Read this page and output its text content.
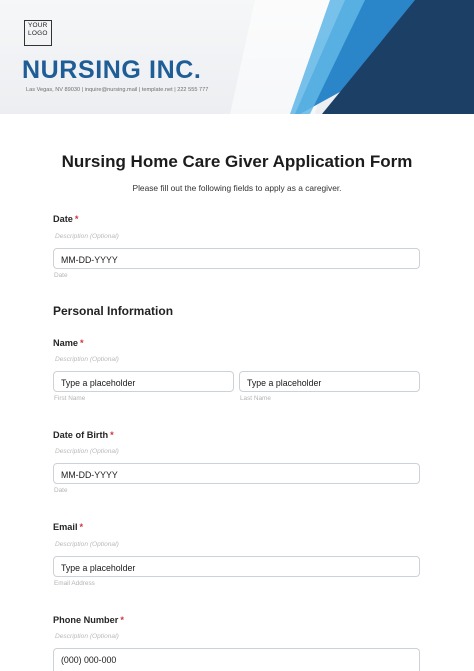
YOUR LOGO
NURSING INC.
Las Vegas, NV 89030 | inquire@nursing.mail | template.net | 222 555 777
Nursing Home Care Giver Application Form
Please fill out the following fields to apply as a caregiver.
Date *
Description (Optional)
MM-DD-YYYY
Date
Personal Information
Name *
Description (Optional)
Type a placeholder	Type a placeholder
First Name	Last Name
Date of Birth *
Description (Optional)
MM-DD-YYYY
Date
Email *
Description (Optional)
Type a placeholder
Email Address
Phone Number *
Description (Optional)
(000) 000-000
